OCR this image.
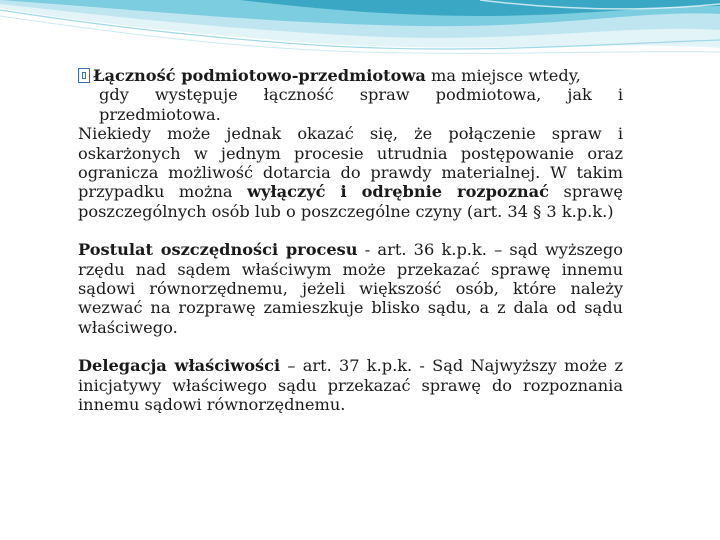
Łączność podmiotowo-przedmiotowa ma miejsce wtedy,

gdy występuje łączność spraw podmiotowa, jak i przedmiotowa.

Niekiedy może jednak okazać się, że połączenie spraw i oskarżonych w jednym procesie utrudnia postępowanie oraz ogranicza możliwość dotarcia do prawdy materialnej. W takim przypadku można wyłączyć i odrębnie rozpoznać sprawę poszczególnych osób lub o poszczególne czyny (art. 34 § 3 k.p.k.)

Postulat oszczędności procesu - art. 36 k.p.k. – sąd wyższego rzędu nad sądem właściwym może przekazać sprawę innemu sądowi równorzędnemu, jeżeli większość osób, które należy wezwać na rozprawę zamieszkuje blisko sądu, a z dala od sądu właściwego.

Delegacja właściwości – art. 37 k.p.k. - Sąd Najwyższy może z inicjatywy właściwego sądu przekazać sprawę do rozpoznania innemu sądowi równorzędnemu.
